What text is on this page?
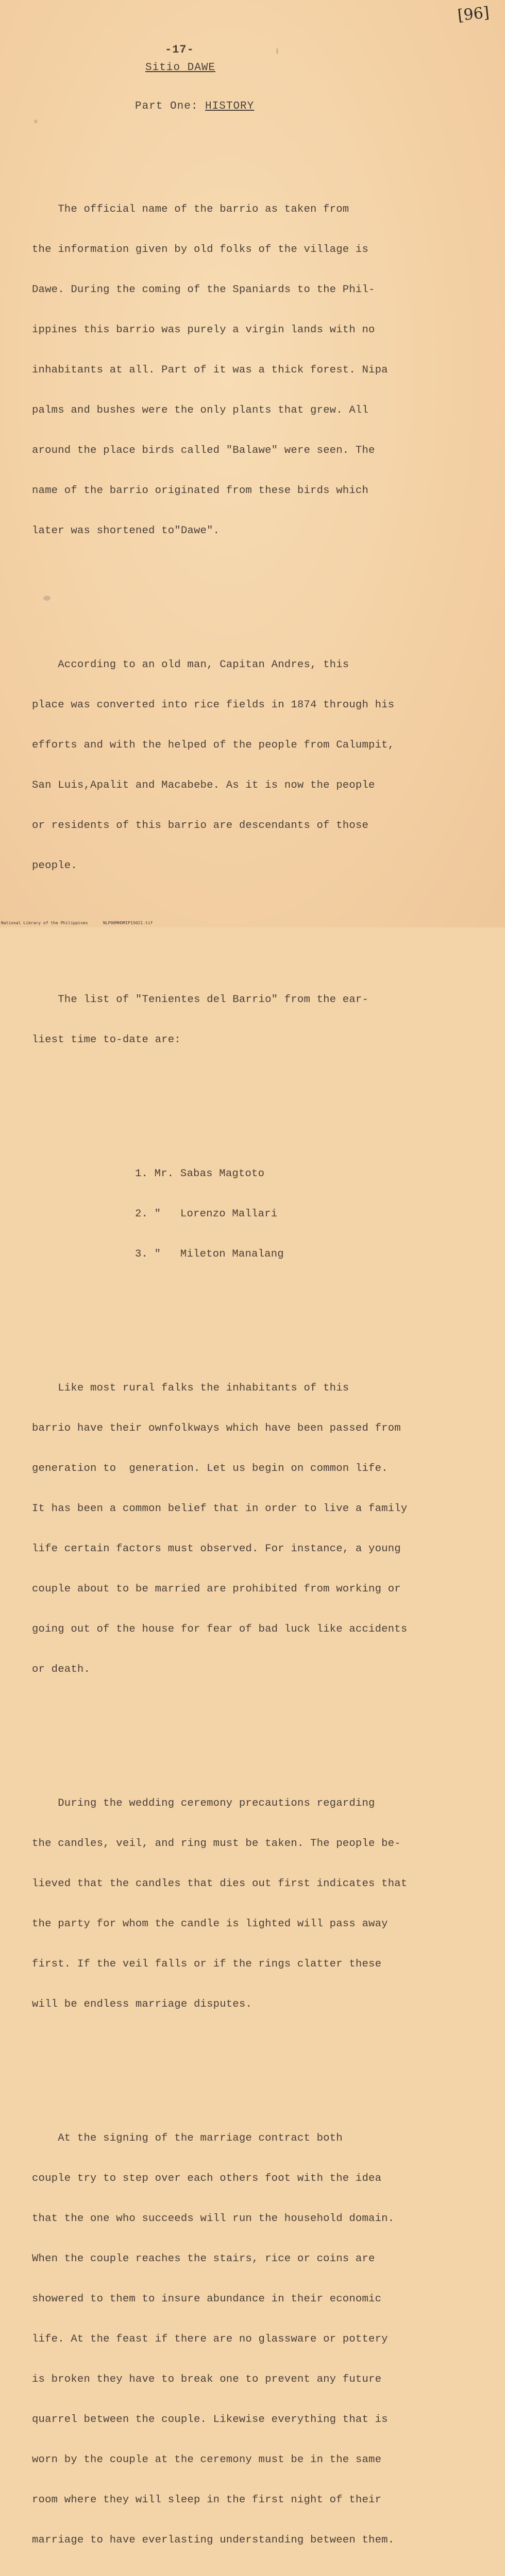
[96]
-17-
Sitio DAWE
Part One: HISTORY

The official name of the barrio as taken from

the information given by old folks of the village is

Dawe. During the coming of the Spaniards to the Phil-

ippines this barrio was purely a virgin lands with no

inhabitants at all. Part of it was a thick forest. Nipa

palms and bushes were the only plants that grew. All

around the place birds called "Balawe" were seen. The

name of the barrio originated from these birds which

later was shortened to"Dawe".

According to an old man, Capitan Andres, this

place was converted into rice fields in 1874 through his

efforts and with the helped of the people from Calumpit,

San Luis,Apalit and Macabebe. As it is now the people

or residents of this barrio are descendants of those

people.

The list of "Tenientes del Barrio" from the ear-

liest time to-date are:

1. Mr. Sabas Magtoto

2. "   Lorenzo Mallari

3. "   Mileton Manalang

Like most rural falks the inhabitants of this

barrio have their ownfolkways which have been passed from

generation to  generation. Let us begin on common life.

It has been a common belief that in order to live a family

life certain factors must observed. For instance, a young

couple about to be married are prohibited from working or

going out of the house for fear of bad luck like accidents

or death.

During the wedding ceremony precautions regarding

the candles, veil, and ring must be taken. The people be-

lieved that the candles that dies out first indicates that

the party for whom the candle is lighted will pass away

first. If the veil falls or if the rings clatter these

will be endless marriage disputes.

At the signing of the marriage contract both

couple try to step over each others foot with the idea

that the one who succeeds will run the household domain.

When the couple reaches the stairs, rice or coins are

showered to them to insure abundance in their economic

life. At the feast if there are no glassware or pottery

is broken they have to break one to prevent any future

quarrel between the couple. Likewise everything that is

worn by the couple at the ceremony must be in the same

room where they will sleep in the first night of their

marriage to have everlasting understanding between them.

National Library of the Philippines	NLP00MHDMIP15021.tif
